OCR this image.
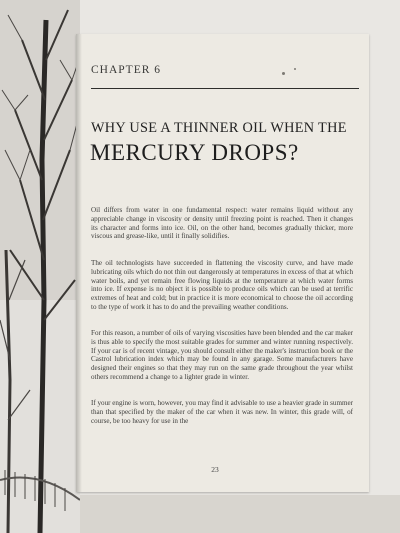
CHAPTER 6
WHY USE A THINNER OIL WHEN THE
MERCURY DROPS?

Oil differs from water in one fundamental respect: water remains liquid without any appreciable change in viscosity or density until freezing point is reached. Then it changes its character and forms into ice. Oil, on the other hand, becomes gradually thicker, more viscous and grease-like, until it finally solidifies.

The oil technologists have succeeded in flattening the viscosity curve, and have made lubricating oils which do not thin out dangerously at temperatures in excess of that at which water boils, and yet remain free flowing liquids at the temperature at which water forms into ice. If expense is no object it is possible to produce oils which can be used at terrific extremes of heat and cold; but in practice it is more economical to choose the oil according to the type of work it has to do and the prevailing weather conditions.

For this reason, a number of oils of varying viscosities have been blended and the car maker is thus able to specify the most suitable grades for summer and winter running respectively. If your car is of recent vintage, you should consult either the maker's instruction book or the Castrol lubrication index which may be found in any garage. Some manufacturers have designed their engines so that they may run on the same grade throughout the year whilst others recommend a change to a lighter grade in winter.

If your engine is worn, however, you may find it advisable to use a heavier grade in summer than that specified by the maker of the car when it was new. In winter, this grade will, of course, be too heavy for use in the

23
